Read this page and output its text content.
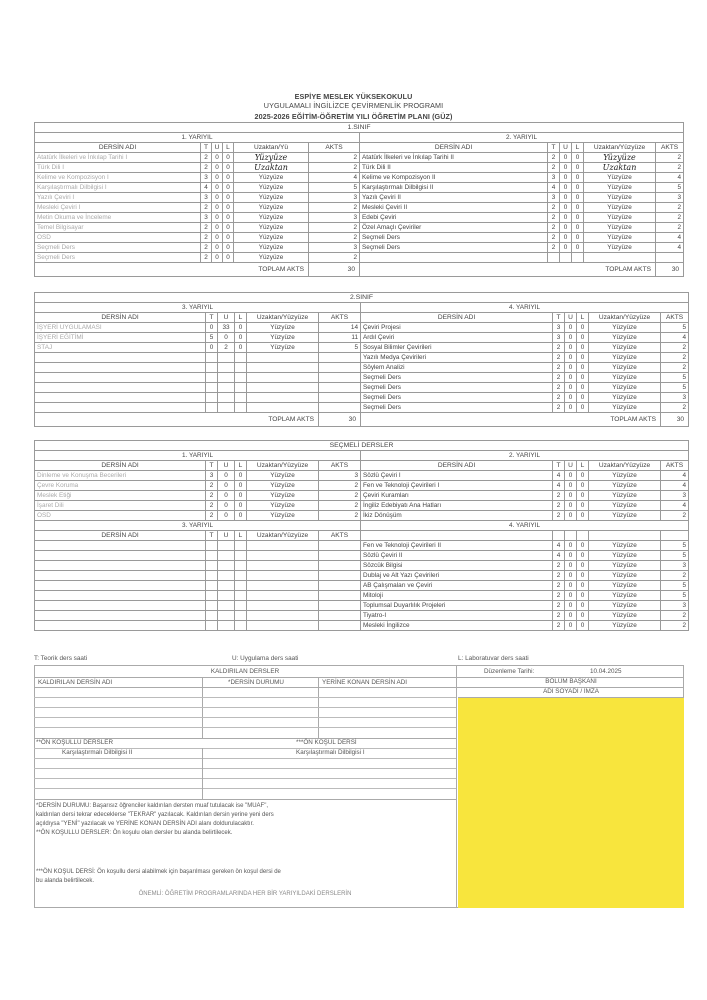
ESPİYE MESLEK YÜKSEKOKULU
UYGULAMALI İNGİLİZCE ÇEVİRMENLİK PROGRAMI
2025-2026 EĞİTİM-ÖĞRETİM YILI ÖĞRETİM PLANI (GÜZ)
1.SINIF											
1. YARIYIL						2. YARIYIL					
DERSİN ADI	T	U	L	Uzaktan/Yü	AKTS	DERSİN ADI	T	U	L	Uzaktan/Yüzyüze	AKTS
Atatürk İlkeleri ve İnkılap Tarihi I	2	0	0	Yüzyüze	2	Atatürk İlkeleri ve İnkılap Tarihi II	2	0	0	Yüzyüze	2
Türk Dili I	2	0	0	Uzaktan	2	Türk Dili II	2	0	0	Uzaktan	2
Kelime ve Kompozisyon I	3	0	0	Yüzyüze	4	Kelime ve Kompozisyon II	3	0	0	Yüzyüze	4
Karşılaştırmalı Dilbilgisi I	4	0	0	Yüzyüze	5	Karşılaştırmalı Dilbilgisi II	4	0	0	Yüzyüze	5
Yazılı Çeviri I	3	0	0	Yüzyüze	3	Yazılı Çeviri II	3	0	0	Yüzyüze	3
Mesleki Çeviri I	2	0	0	Yüzyüze	2	Mesleki Çeviri II	2	0	0	Yüzyüze	2
Metin Okuma ve İnceleme	3	0	0	Yüzyüze	3	Edebi Çeviri	2	0	0	Yüzyüze	2
Temel Bilgisayar	2	0	0	Yüzyüze	2	Özel Amaçlı Çeviriler	2	0	0	Yüzyüze	2
OSD	2	0	0	Yüzyüze	2	Seçmeli Ders	2	0	0	Yüzyüze	4
Seçmeli Ders	2	0	0	Yüzyüze	3	Seçmeli Ders	2	0	0	Yüzyüze	4
Seçmeli Ders	2	0	0	Yüzyüze	2						
TOPLAM AKTS					30	TOPLAM AKTS					30
2.SINIF											
3. YARIYIL						4. YARIYIL					
DERSİN ADI	T	U	L	Uzaktan/Yüzyüze	AKTS	DERSİN ADI	T	U	L	Uzaktan/Yüzyüze	AKTS
İŞYERİ UYGULAMASI	0	33	0	Yüzyüze	14	Çeviri Projesi	3	0	0	Yüzyüze	5
İŞYERİ EĞİTİMİ	5	0	0	Yüzyüze	11	Ardıl Çeviri	3	0	0	Yüzyüze	4
STAJ	0	2	0	Yüzyüze	5	Sosyal Bilimler Çevirileri	2	0	0	Yüzyüze	2
						Yazılı Medya Çevirileri	2	0	0	Yüzyüze	2
						Söylem Analizi	2	0	0	Yüzyüze	2
						Seçmeli Ders	2	0	0	Yüzyüze	5
						Seçmeli Ders	2	0	0	Yüzyüze	5
						Seçmeli Ders	2	0	0	Yüzyüze	3
						Seçmeli Ders	2	0	0	Yüzyüze	2
TOPLAM AKTS					30	TOPLAM AKTS					30
SEÇMELİ DERSLER											
1. YARIYIL						2. YARIYIL					
DERSİN ADI	T	U	L	Uzaktan/Yüzyüze	AKTS	DERSİN ADI	T	U	L	Uzaktan/Yüzyüze	AKTS
Dinleme ve Konuşma Becerileri	3	0	0	Yüzyüze	3	Sözlü Çeviri I	4	0	0	Yüzyüze	4
Çevre Koruma	2	0	0	Yüzyüze	2	Fen ve Teknoloji Çevirileri I	4	0	0	Yüzyüze	4
Meslek Etiği	2	0	0	Yüzyüze	2	Çeviri Kuramları	2	0	0	Yüzyüze	3
İşaret Dili	2	0	0	Yüzyüze	2	İngiliz Edebiyatı Ana Hatları	2	0	0	Yüzyüze	4
OSD	2	0	0	Yüzyüze	2	İkiz Dönüşüm	2	0	0	Yüzyüze	2
3. YARIYIL						4. YARIYIL					
DERSİN ADI	T	U	L	Uzaktan/Yüzyüze	AKTS						
						Fen ve Teknoloji Çevirileri II	4	0	0	Yüzyüze	5
						Sözlü Çeviri II	4	0	0	Yüzyüze	5
						Sözcük Bilgisi	2	0	0	Yüzyüze	3
						Dublaj ve Alt Yazı Çevirileri	2	0	0	Yüzyüze	2
						AB Çalışmaları ve Çeviri	2	0	0	Yüzyüze	5
						Mitoloji	2	0	0	Yüzyüze	5
						Toplumsal Duyarlılık Projeleri	2	0	0	Yüzyüze	3
						Tiyatro-I	2	0	0	Yüzyüze	2
						Mesleki İngilizce	2	0	0	Yüzyüze	2
T: Teorik ders saati	U: Uygulama ders saati	L: Laboratuvar ders saati
KALDIRILAN DERSLER
KALDIRILAN DERSİN ADI	*DERSİN DURUMU	YERİNE KONAN DERSİN ADI
Düzenleme Tarihi:	10.04.2025
BÖLÜM BAŞKANI
ADI SOYADI / İMZA
**ÖN KOŞULLU DERSLER	***ÖN KOŞUL DERSİ
Karşılaştırmalı Dilbilgisi II	Karşılaştırmalı Dilbilgisi I
*DERSİN DURUMU: Başarısız öğrenciler kaldırılan dersten muaf tutulacak ise "MUAF",
kaldırılan dersi tekrar edeceklerse "TEKRAR" yazılacak. Kaldırılan dersin yerine yeni ders
açıldıysa "YENİ" yazılacak ve YERİNE KONAN DERSİN ADI alanı doldurulacaktır.
**ÖN KOŞULLU DERSLER: Ön koşulu olan dersler bu alanda belirtilecek.
***ÖN KOŞUL DERSİ: Ön koşullu dersi alabilmek için başarılması gereken ön koşul dersi de
bu alanda belirtilecek.
ÖNEMLİ: ÖĞRETİM PROGRAMLARINDA HER BİR YARIYILDAKİ DERSLERİN
